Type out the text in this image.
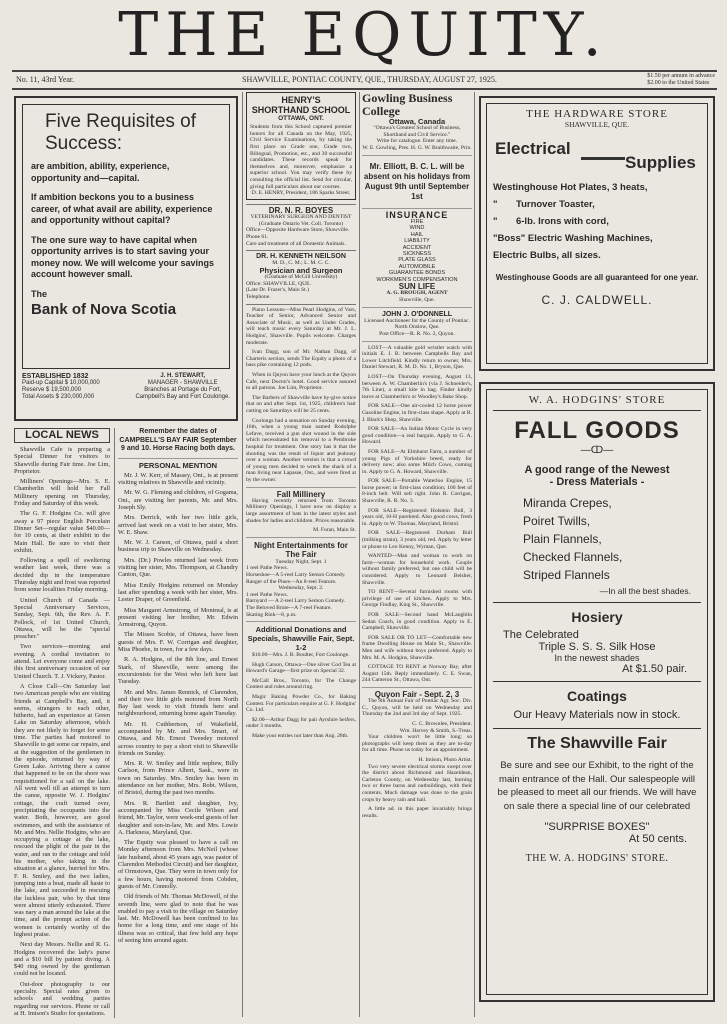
THE EQUITY.
No. 11, 43rd Year.	SHAWVILLE, PONTIAC COUNTY, QUE., THURSDAY, AUGUST 27, 1925.	$1.50 per annum in advance
$2.00 to the United States
Five Requisites of Success:

are ambition, ability, experience, opportunity and—capital.

If ambition beckons you to a business career, of what avail are ability, experience and opportunity without capital?

The one sure way to have capital when opportunity arrives is to start saving your money now. We will welcome your savings account however small.

The
Bank of Nova Scotia
ESTABLISHED 1832
Paid-up Capital $ 10,000,000
Reserve $ 19,500,000
Total Assets $ 230,000,000
J. H. STEWART,
MANAGER - SHAWVILLE
Branches at Portage du Fort,
Campbell's Bay and Fort Coulonge.
LOCAL NEWS

Shawville Cafe is preparing a Special Dinner for visitors to Shawville during Fair time. Joe Lim, Proprietor.

Milliners' Openings—Mrs. S. E. Chamberlin will hold her Fall Millinery opening on Thursday, Friday and Saturday of this week.

The G. F. Hodgins Co. will give away a 97 piece English Porcelain Dinner Set—regular value $40.00—for 10 cents, at their exhibit in the Main Hall. Be sure to visit their exhibit.

Following a spell of sweltering weather last week, there was a decided dip in the temperature Thursday night and frost was reported from some localities Friday morning.

United Church of Canada — Special Anniversary Services, Sunday, Sept. 6th, the Rev. A. F. Pollock, of 1st United Church, Ottawa, will be the "special preacher."

Two services—morning and evening. A cordial invitation to attend. Let everyone come and enjoy this first anniversary occasion of our United Church. T. J. Vickery, Pastor.

A Close Call—On Saturday last two American people who are visiting friends at Campbell's Bay, and, it seems, strangers to each other, hitherto, had an experience at Green Lake on Saturday afternoon, which they are not likely to forget for some time. The parties had motored to Shawville to get some car repairs, and at the suggestion of the gentlemen in the episode, returned by way of Green Lake. Arriving there a canoe that happened to be on the shore was requisitioned for a sail on the lake. All went well till an attempt to turn the canoe, opposite W. J. Hodgins' cottage, the craft turned over, precipitating the occupants into the water. Both, however, are good swimmers, and with the assistance of Mr. and Mrs. Nellie Hodgins, who are occupying a cottage at the lake, rescued the plight of the pair in the water, and ran to the cottage and told his mother, who taking in the situation at a glance, hurried for Mrs. F. R. Smiley, and the two ladies, jumping into a boat, made all haste to the lake, and succeeded in rescuing the luckless pair, who by that time were almost utterly exhausted. There was nary a man around the lake at the time, and the prompt action of the women is certainly worthy of the highest praise.

Next day Messrs. Nellie and R. G. Hodgins recovered the lady's purse and a $10 bill by patient diving. A $40 ring owned by the gentleman could not be located.

Out-door photography is our specialty. Special rates given to schools and wedding parties regarding our services. Phone or call at H. Imison's Studio for quotations.

Remember the dates of CAMPBELL'S BAY FAIR September 9 and 10. Horse Racing both days.
PERSONAL MENTION

Mr. J. W. Kerr, of Massey, Ont., is at present visiting relatives in Shawville and vicinity.

Mr. W. G. Fleming and children, of Gogama, Ont., are visiting her parents, Mr. and Mrs. Joseph Sly.

Mrs. Derrick, with her two little girls, arrived last week on a visit to her sister, Mrs. W. E. Shaw.

Mr. W. J. Carson, of Ottawa, paid a short business trip to Shawville on Wednesday.

Mrs. (Dr.) Powles returned last week from visiting her sister, Mrs. Thompson, at Chandry Canton, Que.

Miss Emily Hodgins returned on Monday last after spending a week with her sister, Mrs. Lester Draper, of Greenfield.

Miss Margaret Armstrong, of Montreal, is at present visiting her brother, Mr. Edwin Armstrong, Quyon.

The Misses Scobie, of Ottawa, have been guests of Mrs. F. W. Corrigan and daughter, Miss Phoebe, in town, for a few days.

R. A. Hodgins, of the 8th line, and Ernest Stark, of Shawville, were among the excursionists for the West who left here last Tuesday.

Mr. and Mrs. James Rennick, of Clarendon, and their two little girls motored from North Bay last week to visit friends here and neighbourhood, returning home again Tuesday.

Mr. H. Cuthbertson, of Wakefield, accompanied by Mr. and Mrs. Smart, of Ottawa, and Mr. Ernest Tweedey motored across country to pay a short visit to Shawville friends on Sunday.

Mrs. R. W. Smiley and little nephew, Billy Carlson, from Prince Albert, Sask., were in town on Saturday. Mrs. Smiley has been in attendance on her mother, Mrs. Robt. Wilson, of Bristol, during the past two months.

Mrs. R. Bartlett and daughter, Ivy, accompanied by Miss Cecile Wilson and friend, Mr. Taylor, were week-end guests of her daughter and son-in-law, Mr. and Mrs. Lowie A. Harkness, Maryland, Que.

The Equity was pleased to have a call on Monday afternoon from Mrs. McNeil (whose late husband, about 45 years ago, was pastor of Clarendon Methodist Circuit) and her daughter, of Ormstown, Que. They were in town only for a few hours, having motored from Cobden, guests of Mr. Connolly.

Old friends of Mr. Thomas McDowell, of the seventh line, were glad to note that he was enabled to pay a visit to the village on Saturday last. Mr. McDowell has been confined to his home for a long time, and one stage of his illness was so critical, that few held any hope of seeing him around again.

HENRY'S
SHORTHAND SCHOOL
OTTAWA, ONT.
Students from this School captured premier honors for all Canada on the May, 1925, Civil Service Examinations, by taking the first place on Grade one, Grade two, Bilingual, Promotion, etc., and 30 successful candidates. These records speak for themselves and, moreover, emphasize a superior school. You may verify these by consulting the official list. Send for circular, giving full particulars about our courses.
D. E. HENRY, President, 186 Sparks Street.
DR. N. R. BOYES
VETERINARY SURGEON AND DENTIST
(Graduate Ontario Vet. Coll. Toronto)
Office—Opposite Hardware Store, Shawville. Phone 61.
Care and treatment of all Domestic Animals.
DR. H. KENNETH NEILSON
M. D., C. M.; L. M. C. C.
Physician and Surgeon
(Graduate of McGill University)
Office: SHAWVILLE, QUE.
(Late Dr. Frazer's, Main St.)
Telephone.

Piano Lessons—Miss Pearl Hodgins, of Vars, Teacher of Senior, Advanced Senior and Associate of Music, as well as Under Grades, will teach music every Saturday at Mr. J. L. Hodgins', Shawville. Pupils welcome. Charges moderate.

Ivan Dagg, son of Mr. Nathan Dagg, of Charteris section, sends The Equity a photo of a bass pike containing 12 pods.

When in Quyon have your lunch at the Quyon Cafe, next Doctor's hotel. Good service assured to all patrons. Joe Lim, Proprietor.

The Barbers of Shawville have by-give notice that on and after Sept. 1st, 1925, children's hair cutting on Saturdays will be 25 cents.

Coolongs had a sensation on Sunday evening, 16th, when a young man named Rodolphe Lefave, received a gun shot wound in the side which necessitated his removal to a Pembroke hospital for treatment. One story has it that the shooting was the result of liquor and jealousy over a woman. Another version is that a crowd of young men decided to wreck the shack of a man living near Lapasse, Ont., and were fired at by the owner.

Fall Millinery

Having recently returned from Toronto Millinery Openings, I have now on display a large assortment of hats in the latest styles and shades for ladies and children. Prices reasonable.

M. Foran, Main St.
Night Entertainments for The Fair
Tuesday Night, Sept. 1
1 reel Pathe News.
Horseshoe—A 5-reel Larry Semon Comedy.
Ranger of the Pines—An 8-reel Feature.
Wednesday, Sept. 2.
1 reel Pathe News.
Barnyard — A 2-reel Larry Semon Comedy.
The Beloved Brute—A 7-reel Feature.
Skating Rink—8, p.m.
Additional Donations and Specials, Shawville Fair, Sept. 1-2

$10.00—Mrs. J. B. Boulter, Fort Coulonge.

Hugh Carson, Ottawa—One silver Cod Tea at Howard's Garage—first prize on Special 32.

McCall Bros., Toronto, for The Change Contest and rules around ring.

Magic Baking Powder Co., for Baking Contest. For particulars enquire at G. F. Hodgins' Co. Ltd.

$2.00—Arthur Dagg for pair Ayrshire heifers, under 3 months.

Make your entries not later than Aug. 28th.

Gowling Business College
Ottawa, Canada
"Ottawa's Greatest School of Business, Shorthand and Civil Service."
Write for catalogue. Enter any time.
W. E. Gowling, Pres. H. G. W. Braithwaite, Prin.
Mr. Elliott, B. C. L. will be absent on his holidays from August 9th until September 1st
INSURANCE
FIRE
WIND
HAIL
LIABILITY
ACCIDENT
SICKNESS
PLATE GLASS
AUTOMOBILE
GUARANTEE BONDS
WORKMEN'S COMPENSATION
SUN LIFE
A. G. BROUGH, AGENT
Shawville, Que.
JOHN J. O'DONNELL
Licensed Auctioneer for the County of Pontiac.
North Onslow, Que.
Post Office—R. R. No. 2, Quyon.

LOST—A valuable gold wristlet watch with initials E. J. B. between Campbells Bay and Lower Litchfield. Kindly return to owner, Mrs. Daniel Stewart, R. M. D. No. 1, Bryson, Que.

LOST—On Thursday evening, August 13, between A. W. Chamberlin's (via J. Schneider's, 7th Line), a small kite in bag. Finder kindly leave at Chamberlin's or Woodley's Bake Shop.

FOR SALE—One air-cooled 12 horse power Gasoline Engine, in first-class shape. Apply at R. J. Black's Shop, Shawville.

FOR SALE—An Indian Motor Cycle in very good condition—a real bargain. Apply to G. A. Howard.

FOR SALE—At Elmhurst Farm, a number of young Pigs of Yorkshire breed, ready for delivery now; also some Milch Cows, coming in. Apply to G. A. Howard, Shawville.

FOR SALE—Portable Waterloo Engine, 15 horse power; in first-class condition; 100 feet of 8-inch belt. Will sell right. John R. Corrigan, Shawville, R. R. No. 3.

FOR SALE—Registered Holstein Bull, 3 years old, 10-H purebred. Also good cows, fresh in. Apply to W. Thomas, Maryland, Bristol.

FOR SALE—Registered Durham Bull (milking strain), 3 years old, red. Apply by letter or phone to Leo Kenny, Wyman, Que.

WANTED—Man and woman to work on farm—woman for household work. Couple without family preferred, but one child will be considered. Apply to Leonard Belsher, Shawville.

TO RENT—Several furnished rooms with privilege of use of kitchen. Apply to Mrs. George Findlay, King St., Shawville.

FOR SALE—Second hand McLaughlin Sedan Coach, in good condition. Apply to E. Campbell, Shawville.

FOR SALE OR TO LET—Comfortable new frame Dwelling House on Main St., Shawville. Men and wife without boys preferred. Apply to Mrs. M. A. Hodgins, Shawville.

COTTAGE TO RENT at Norway Bay, after August 15th. Reply immediately. C. E. Swan, 244 Cameron St., Ottawa, Ont.

Quyon Fair - Sept. 2, 3

The 9th Annual Fair of Pontiac Agr. Soc. Div. C., Quyon, will be held on Wednesday and Thursday the 2nd and 3rd day of Sept. 1925.

C. C. Brownlee, President.
Wm. Harvey & Smith, S.-Treas.

Your children won't be little long; so photographs will keep them as they are to-day for all time. Phone us today for an appointment.

H. Imison, Photo Artist.

Two very severe electrical storms swept over the district about Richmond and Hazeldean, Carleton County, on Wednesday last, burning two or three barns and outbuildings, with their contents. Much damage was done to the grain crops by heavy rain and hail.

A little ad. in this paper invariably brings results.

THE HARDWARE STORE
SHAWVILLE, QUE.
Electrical
Supplies
Westinghouse Hot Plates, 3 heats,
"       Turnover Toaster,
"       6-lb. Irons with cord,
"Boss" Electric Washing Machines,
Electric Bulbs, all sizes.
Westinghouse Goods are all guaranteed for one year.
C. J. CALDWELL.
W. A. HODGINS' STORE
FALL GOODS
—ↀ—
A good range of the Newest
- Dress Materials -
Miranda Crepes,
Poiret Twills,
Plain Flannels,
Checked Flannels,
Striped Flannels
—In all the best shades.
Hosiery
The Celebrated
Triple S. S. S. Silk Hose
In the newest shades
At $1.50 pair.
Coatings
Our Heavy Materials now in stock.
The Shawville Fair
Be sure and see our Exhibit, to the right of the main entrance of the Hall. Our salespeople will be pleased to meet all our friends. We will have on sale there a special line of our celebrated
"SURPRISE BOXES"
At 50 cents.
THE W. A. HODGINS' STORE.
